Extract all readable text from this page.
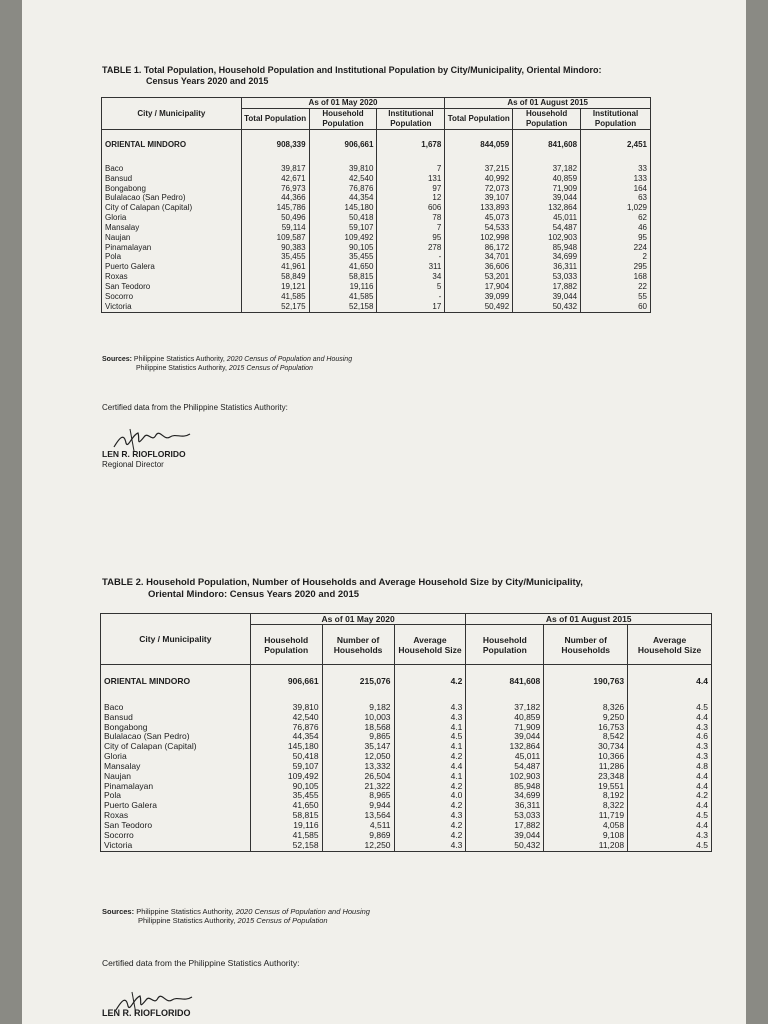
TABLE 1. Total Population, Household Population and Institutional Population by City/Municipality, Oriental Mindoro:
Census Years 2020 and 2015
City / Municipality	As of 01 May 2020			As of 01 August 2015		
	Total Population	Household Population	Institutional Population	Total Population	Household Population	Institutional Population

ORIENTAL MINDORO	908,339	906,661	1,678	844,059	841,608	2,451

Baco	39,817	39,810	7	37,215	37,182	33
Bansud	42,671	42,540	131	40,992	40,859	133
Bongabong	76,973	76,876	97	72,073	71,909	164
Bulalacao (San Pedro)	44,366	44,354	12	39,107	39,044	63
City of Calapan (Capital)	145,786	145,180	606	133,893	132,864	1,029
Gloria	50,496	50,418	78	45,073	45,011	62
Mansalay	59,114	59,107	7	54,533	54,487	46
Naujan	109,587	109,492	95	102,998	102,903	95
Pinamalayan	90,383	90,105	278	86,172	85,948	224
Pola	35,455	35,455	-	34,701	34,699	2
Puerto Galera	41,961	41,650	311	36,606	36,311	295
Roxas	58,849	58,815	34	53,201	53,033	168
San Teodoro	19,121	19,116	5	17,904	17,882	22
Socorro	41,585	41,585	-	39,099	39,044	55
Victoria	52,175	52,158	17	50,492	50,432	60
Sources: Philippine Statistics Authority, 2020 Census of Population and Housing
Philippine Statistics Authority, 2015 Census of Population
Certified data from the Philippine Statistics Authority:
LEN R. RIOFLORIDO
Regional Director
TABLE 2. Household Population, Number of Households and Average Household Size by City/Municipality,
Oriental Mindoro: Census Years 2020 and 2015
City / Municipality	As of 01 May 2020			As of 01 August 2015		
	Household Population	Number of Households	Average Household Size	Household Population	Number of Households	Average Household Size

ORIENTAL MINDORO	906,661	215,076	4.2	841,608	190,763	4.4

Baco	39,810	9,182	4.3	37,182	8,326	4.5
Bansud	42,540	10,003	4.3	40,859	9,250	4.4
Bongabong	76,876	18,568	4.1	71,909	16,753	4.3
Bulalacao (San Pedro)	44,354	9,865	4.5	39,044	8,542	4.6
City of Calapan (Capital)	145,180	35,147	4.1	132,864	30,734	4.3
Gloria	50,418	12,050	4.2	45,011	10,366	4.3
Mansalay	59,107	13,332	4.4	54,487	11,286	4.8
Naujan	109,492	26,504	4.1	102,903	23,348	4.4
Pinamalayan	90,105	21,322	4.2	85,948	19,551	4.4
Pola	35,455	8,965	4.0	34,699	8,192	4.2
Puerto Galera	41,650	9,944	4.2	36,311	8,322	4.4
Roxas	58,815	13,564	4.3	53,033	11,719	4.5
San Teodoro	19,116	4,511	4.2	17,882	4,058	4.4
Socorro	41,585	9,869	4.2	39,044	9,108	4.3
Victoria	52,158	12,250	4.3	50,432	11,208	4.5
Sources: Philippine Statistics Authority, 2020 Census of Population and Housing
Philippine Statistics Authority, 2015 Census of Population
Certified data from the Philippine Statistics Authority:
LEN R. RIOFLORIDO
